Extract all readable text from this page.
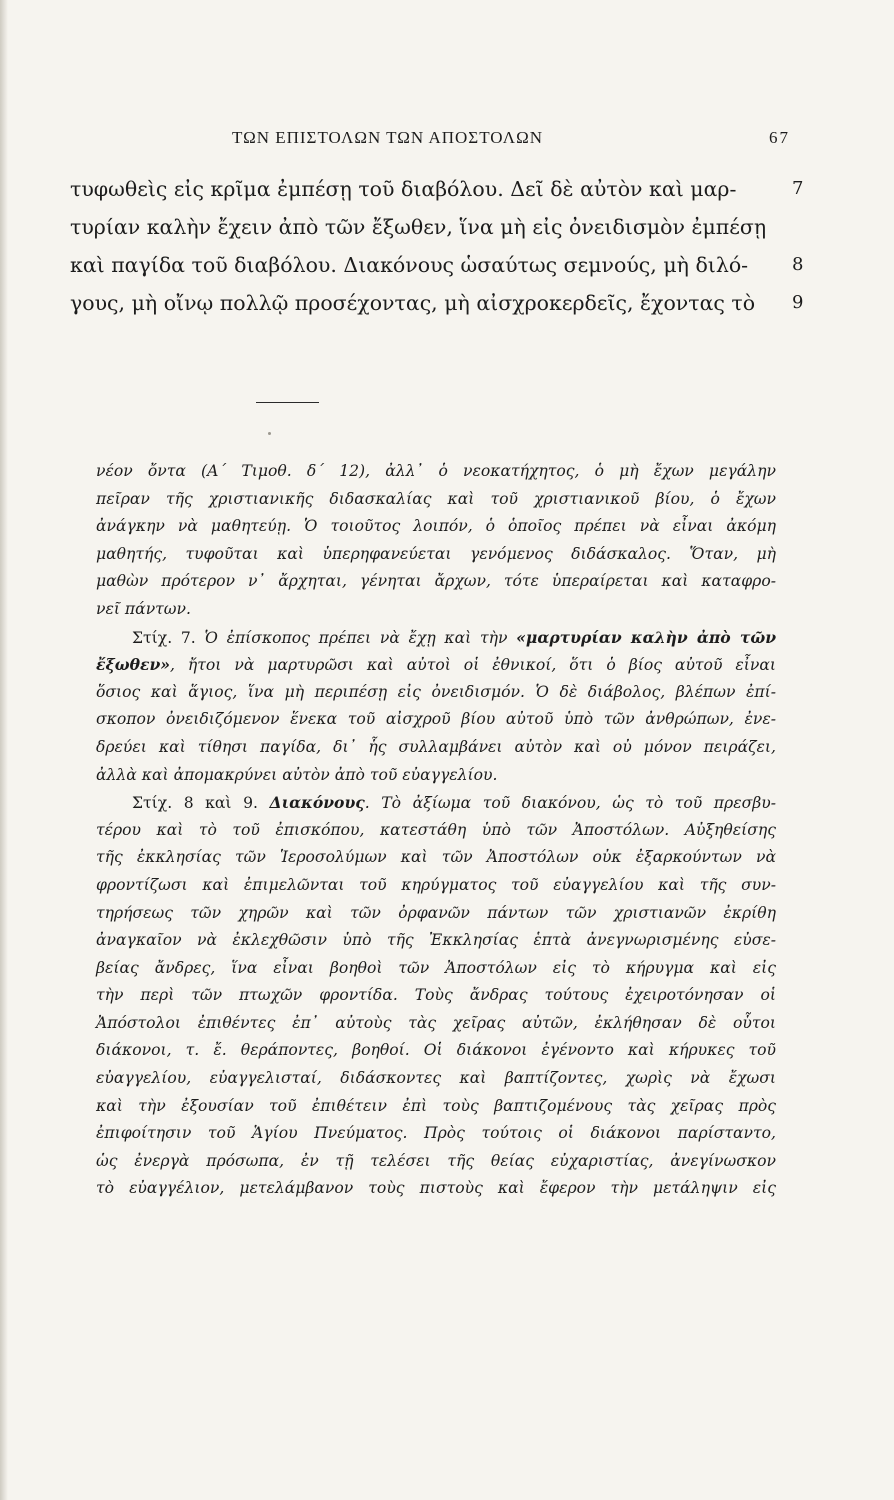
ΤΩΝ ΕΠΙΣΤΟΛΩΝ ΤΩΝ ΑΠΟΣΤΟΛΩΝ	67
τυφωθεὶς εἰς κρῖμα ἐμπέσῃ τοῦ διαβόλου. Δεῖ δὲ αὐτὸν καὶ μαρ-	7
τυρίαν καλὴν ἔχειν ἀπὸ τῶν ἔξωθεν, ἵνα μὴ εἰς ὀνειδισμὸν ἐμπέσῃ
καὶ παγίδα τοῦ διαβόλου. Διακόνους ὡσαύτως σεμνούς, μὴ διλό- 8
γους, μὴ οἴνῳ πολλῷ προσέχοντας, μὴ αἰσχροκερδεῖς, ἔχοντας τὸ 9
νέον ὄντα (Α΄ Τιμοθ. δ΄ 12), ἀλλ᾽ ὁ νεοκατήχητος, ὁ μὴ ἔχων μεγάλην
πεῖραν τῆς χριστιανικῆς διδασκαλίας καὶ τοῦ χριστιανικοῦ βίου, ὁ ἔχων
ἀνάγκην νὰ μαθητεύῃ. Ὁ τοιοῦτος λοιπόν, ὁ ὁποῖος πρέπει νὰ εἶναι ἀκόμη
μαθητής, τυφοῦται καὶ ὑπερηφανεύεται γενόμενος διδάσκαλος. Ὅταν, μὴ
μαθὼν πρότερον ν᾽ ἄρχηται, γένηται ἄρχων, τότε ὑπεραίρεται καὶ καταφρο-
νεῖ πάντων.
Στίχ. 7. Ὁ ἐπίσκοπος πρέπει νὰ ἔχῃ καὶ τὴν «μαρτυρίαν καλὴν ἀπὸ τῶν
ἔξωθεν», ἤτοι νὰ μαρτυρῶσι καὶ αὐτοὶ οἱ ἐθνικοί, ὅτι ὁ βίος αὐτοῦ εἶναι
ὅσιος καὶ ἅγιος, ἵνα μὴ περιπέσῃ εἰς ὀνειδισμόν. Ὁ δὲ διάβολος, βλέπων ἐπί-
σκοπον ὀνειδιζόμενον ἕνεκα τοῦ αἰσχροῦ βίου αὐτοῦ ὑπὸ τῶν ἀνθρώπων, ἐνε-
δρεύει καὶ τίθησι παγίδα, δι᾽ ἧς συλλαμβάνει αὐτὸν καὶ οὐ μόνον πειράζει,
ἀλλὰ καὶ ἀπομακρύνει αὐτὸν ἀπὸ τοῦ εὐαγγελίου.
Στίχ. 8 καὶ 9. Διακόνους. Τὸ ἀξίωμα τοῦ διακόνου, ὡς τὸ τοῦ πρεσβυ-
τέρου καὶ τὸ τοῦ ἐπισκόπου, κατεστάθη ὑπὸ τῶν Ἀποστόλων. Αὐξηθείσης
τῆς ἐκκλησίας τῶν Ἱεροσολύμων καὶ τῶν Ἀποστόλων οὐκ ἐξαρκούντων νὰ
φροντίζωσι καὶ ἐπιμελῶνται τοῦ κηρύγματος τοῦ εὐαγγελίου καὶ τῆς συν-
τηρήσεως τῶν χηρῶν καὶ τῶν ὀρφανῶν πάντων τῶν χριστιανῶν ἐκρίθη
ἀναγκαῖον νὰ ἐκλεχθῶσιν ὑπὸ τῆς Ἐκκλησίας ἑπτὰ ἀνεγνωρισμένης εὐσε-
βείας ἄνδρες, ἵνα εἶναι βοηθοὶ τῶν Ἀποστόλων εἰς τὸ κήρυγμα καὶ εἰς
τὴν περὶ τῶν πτωχῶν φροντίδα. Τοὺς ἄνδρας τούτους ἐχειροτόνησαν οἱ
Ἀπόστολοι ἐπιθέντες ἐπ᾽ αὐτοὺς τὰς χεῖρας αὐτῶν, ἐκλήθησαν δὲ οὗτοι
διάκονοι, τ. ἔ. θεράποντες, βοηθοί. Οἱ διάκονοι ἐγένοντο καὶ κήρυκες τοῦ
εὐαγγελίου, εὐαγγελισταί, διδάσκοντες καὶ βαπτίζοντες, χωρὶς νὰ ἔχωσι
καὶ τὴν ἐξουσίαν τοῦ ἐπιθέτειν ἐπὶ τοὺς βαπτιζομένους τὰς χεῖρας πρὸς
ἐπιφοίτησιν τοῦ Ἁγίου Πνεύματος. Πρὸς τούτοις οἱ διάκονοι παρίσταντο,
ὡς ἐνεργὰ πρόσωπα, ἐν τῇ τελέσει τῆς θείας εὐχαριστίας, ἀνεγίνωσκον
τὸ εὐαγγέλιον, μετελάμβανον τοὺς πιστοὺς καὶ ἔφερον τὴν μετάληψιν εἰς
